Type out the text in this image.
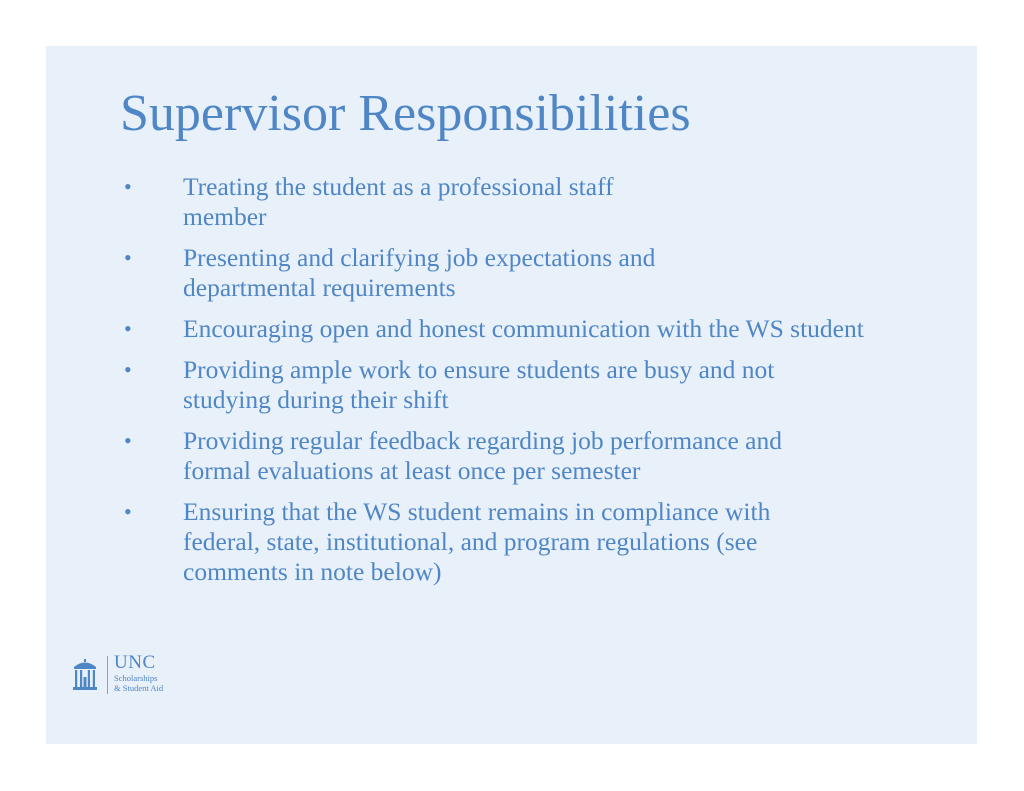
Supervisor Responsibilities
•	Treating the student as a professional staff member
•	Presenting and clarifying job expectations and departmental requirements
•	Encouraging open and honest communication with the WS student
•	Providing ample work to ensure students are busy and not studying during their shift
•	Providing regular feedback regarding job performance and formal evaluations at least once per semester
•	Ensuring that the WS student remains in compliance with federal, state, institutional, and program regulations (see comments in note below)
UNC
Scholarships
& Student Aid
